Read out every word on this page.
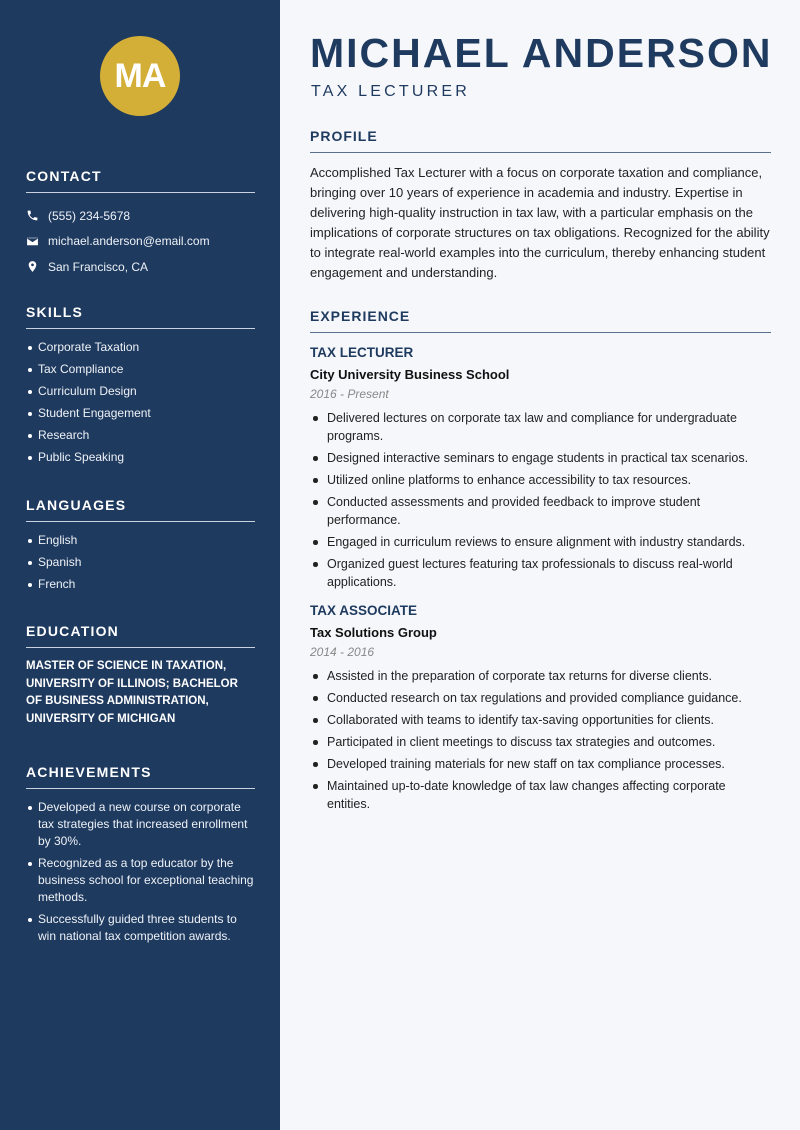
MA
CONTACT
(555) 234-5678
michael.anderson@email.com
San Francisco, CA
SKILLS
Corporate Taxation
Tax Compliance
Curriculum Design
Student Engagement
Research
Public Speaking
LANGUAGES
English
Spanish
French
EDUCATION
MASTER OF SCIENCE IN TAXATION, UNIVERSITY OF ILLINOIS; BACHELOR OF BUSINESS ADMINISTRATION, UNIVERSITY OF MICHIGAN
ACHIEVEMENTS
Developed a new course on corporate tax strategies that increased enrollment by 30%.
Recognized as a top educator by the business school for exceptional teaching methods.
Successfully guided three students to win national tax competition awards.
MICHAEL ANDERSON
TAX LECTURER
PROFILE

Accomplished Tax Lecturer with a focus on corporate taxation and compliance, bringing over 10 years of experience in academia and industry. Expertise in delivering high-quality instruction in tax law, with a particular emphasis on the implications of corporate structures on tax obligations. Recognized for the ability to integrate real-world examples into the curriculum, thereby enhancing student engagement and understanding.

EXPERIENCE
TAX LECTURER
City University Business School
2016 - Present
Delivered lectures on corporate tax law and compliance for undergraduate programs.
Designed interactive seminars to engage students in practical tax scenarios.
Utilized online platforms to enhance accessibility to tax resources.
Conducted assessments and provided feedback to improve student performance.
Engaged in curriculum reviews to ensure alignment with industry standards.
Organized guest lectures featuring tax professionals to discuss real-world applications.
TAX ASSOCIATE
Tax Solutions Group
2014 - 2016
Assisted in the preparation of corporate tax returns for diverse clients.
Conducted research on tax regulations and provided compliance guidance.
Collaborated with teams to identify tax-saving opportunities for clients.
Participated in client meetings to discuss tax strategies and outcomes.
Developed training materials for new staff on tax compliance processes.
Maintained up-to-date knowledge of tax law changes affecting corporate entities.
